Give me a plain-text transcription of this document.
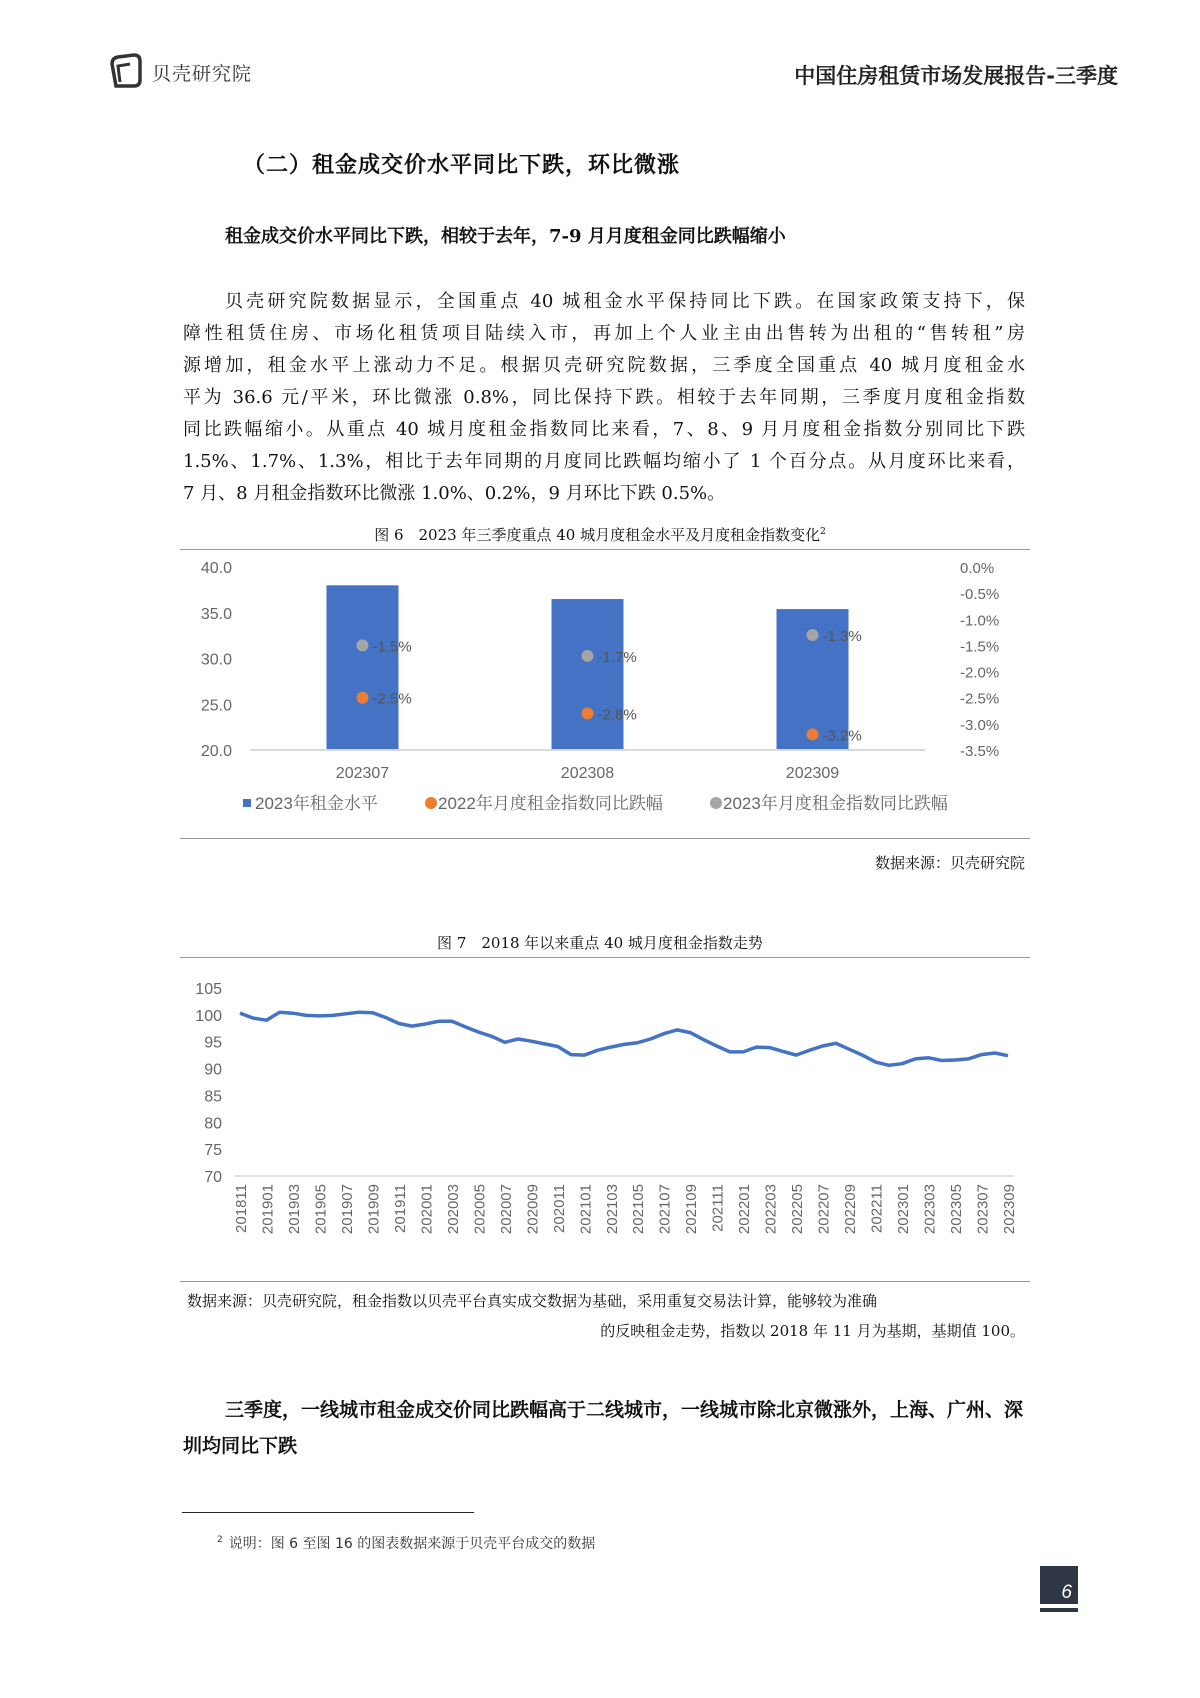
贝壳研究院	中国住房租赁市场发展报告-三季度
（二）租金成交价水平同比下跌，环比微涨
租金成交价水平同比下跌，相较于去年，7-9 月月度租金同比跌幅缩小
贝壳研究院数据显示，全国重点 40 城租金水平保持同比下跌。在国家政策支持下，保
障性租赁住房、市场化租赁项目陆续入市，再加上个人业主由出售转为出租的“售转租”房
源增加，租金水平上涨动力不足。根据贝壳研究院数据，三季度全国重点 40 城月度租金水
平为 36.6 元/平米，环比微涨 0.8%，同比保持下跌。相较于去年同期，三季度月度租金指数
同比跌幅缩小。从重点 40 城月度租金指数同比来看，7、8、9 月月度租金指数分别同比下跌
1.5%、1.7%、1.3%，相比于去年同期的月度同比跌幅均缩小了 1 个百分点。从月度环比来看，
7 月、8 月租金指数环比微涨 1.0%、0.2%，9 月环比下跌 0.5%。
图 6　2023 年三季度重点 40 城月度租金水平及月度租金指数变化$^2$
40.0
35.0
30.0
25.0
20.0
0.0%
-0.5%
-1.0%
-1.5%
-2.0%
-2.5%
-3.0%
-3.5%
202307	202308	202309
-2.5%
-2.8%
-3.2%
-1.5%
-1.7%
-1.3%
2023年租金水平	2022年月度租金指数同比跌幅	2023年月度租金指数同比跌幅
数据来源：贝壳研究院
图 7　2018 年以来重点 40 城月度租金指数走势
105
100
95
90
85
80
75
70
201811 201901 201903 201905 201907 201909 201911 202001 202003 202005 202007 202009 202011 202101 202103 202105 202107 202109 202111 202201 202203 202205 202207 202209 202211 202301 202303 202305 202307 202309
数据来源：贝壳研究院，租金指数以贝壳平台真实成交数据为基础，采用重复交易法计算，能够较为准确
的反映租金走势，指数以 2018 年 11 月为基期，基期值 100。
三季度，一线城市租金成交价同比跌幅高于二线城市，一线城市除北京微涨外，上海、广州、深圳均同比下跌
$^2$ 说明：图 6 至图 16 的图表数据来源于贝壳平台成交的数据
6
